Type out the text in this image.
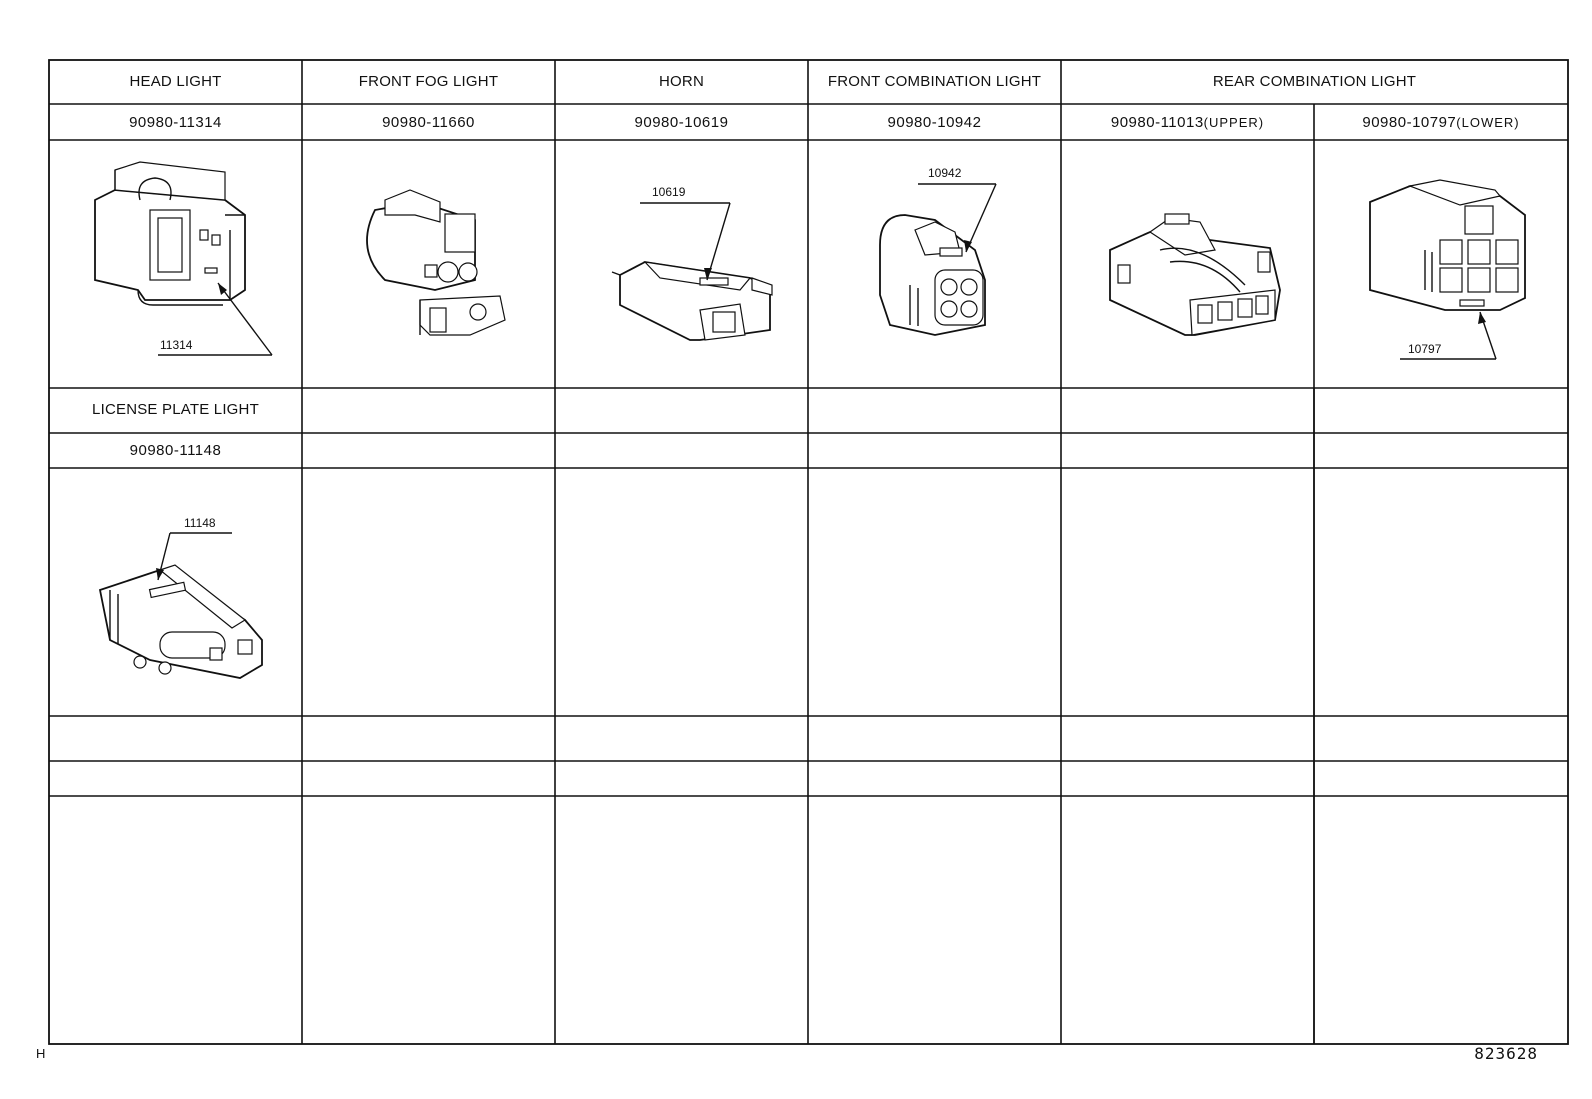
11314
10619
10942
10797
11148
HEAD LIGHT	FRONT FOG LIGHT	HORN	FRONT COMBINATION LIGHT	REAR COMBINATION LIGHT
90980-11314	90980-11660	90980-10619	90980-10942	90980-11013(UPPER)	90980-10797(LOWER)
LICENSE PLATE LIGHT
90980-11148
H	823628
